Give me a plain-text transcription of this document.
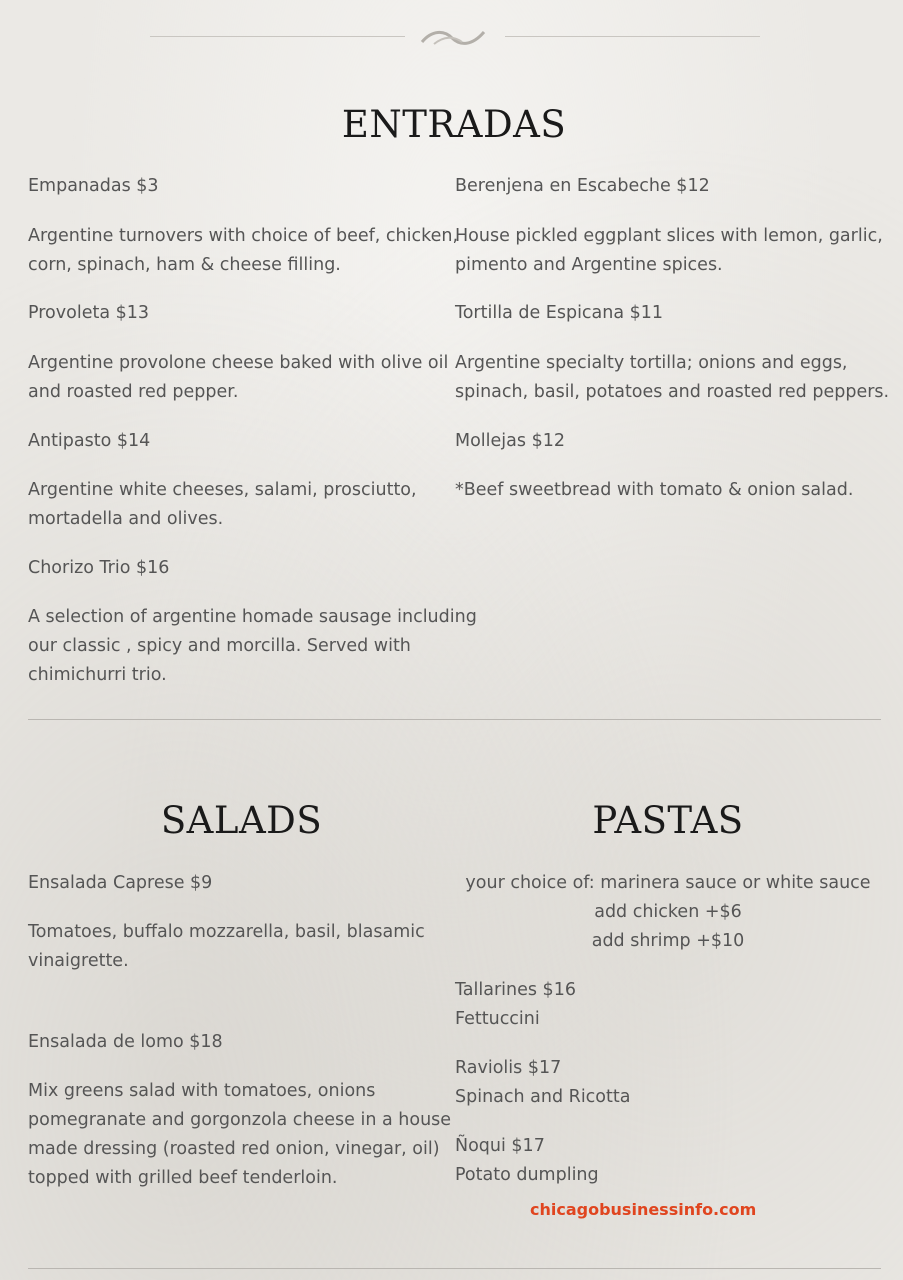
ENTRADAS
Empanadas $3
Argentine turnovers with choice of beef, chicken,
corn, spinach, ham & cheese filling.
Provoleta $13
Argentine provolone cheese baked with olive oil
and roasted red pepper.
Antipasto $14
Argentine white cheeses, salami, prosciutto,
mortadella and olives.
Chorizo Trio $16
A selection of argentine homade sausage including
our classic , spicy and morcilla. Served with
chimichurri trio.
Berenjena en Escabeche $12
House pickled eggplant slices with lemon, garlic,
pimento and Argentine spices.
Tortilla de Espicana $11
Argentine specialty tortilla; onions and eggs,
spinach, basil, potatoes and roasted red peppers.
Mollejas $12
*Beef sweetbread with tomato & onion salad.
SALADS
Ensalada Caprese $9
Tomatoes, buffalo mozzarella, basil, blasamic
vinaigrette.
Ensalada de lomo $18
Mix greens salad with tomatoes, onions
pomegranate and gorgonzola cheese in a house
made dressing (roasted red onion, vinegar, oil)
topped with grilled beef tenderloin.
PASTAS
your choice of: marinera sauce or white sauce
add chicken +$6
add shrimp +$10
Tallarines $16
Fettuccini
Raviolis $17
Spinach and Ricotta
Ñoqui $17
Potato dumpling
chicagobusinessinfo.com
